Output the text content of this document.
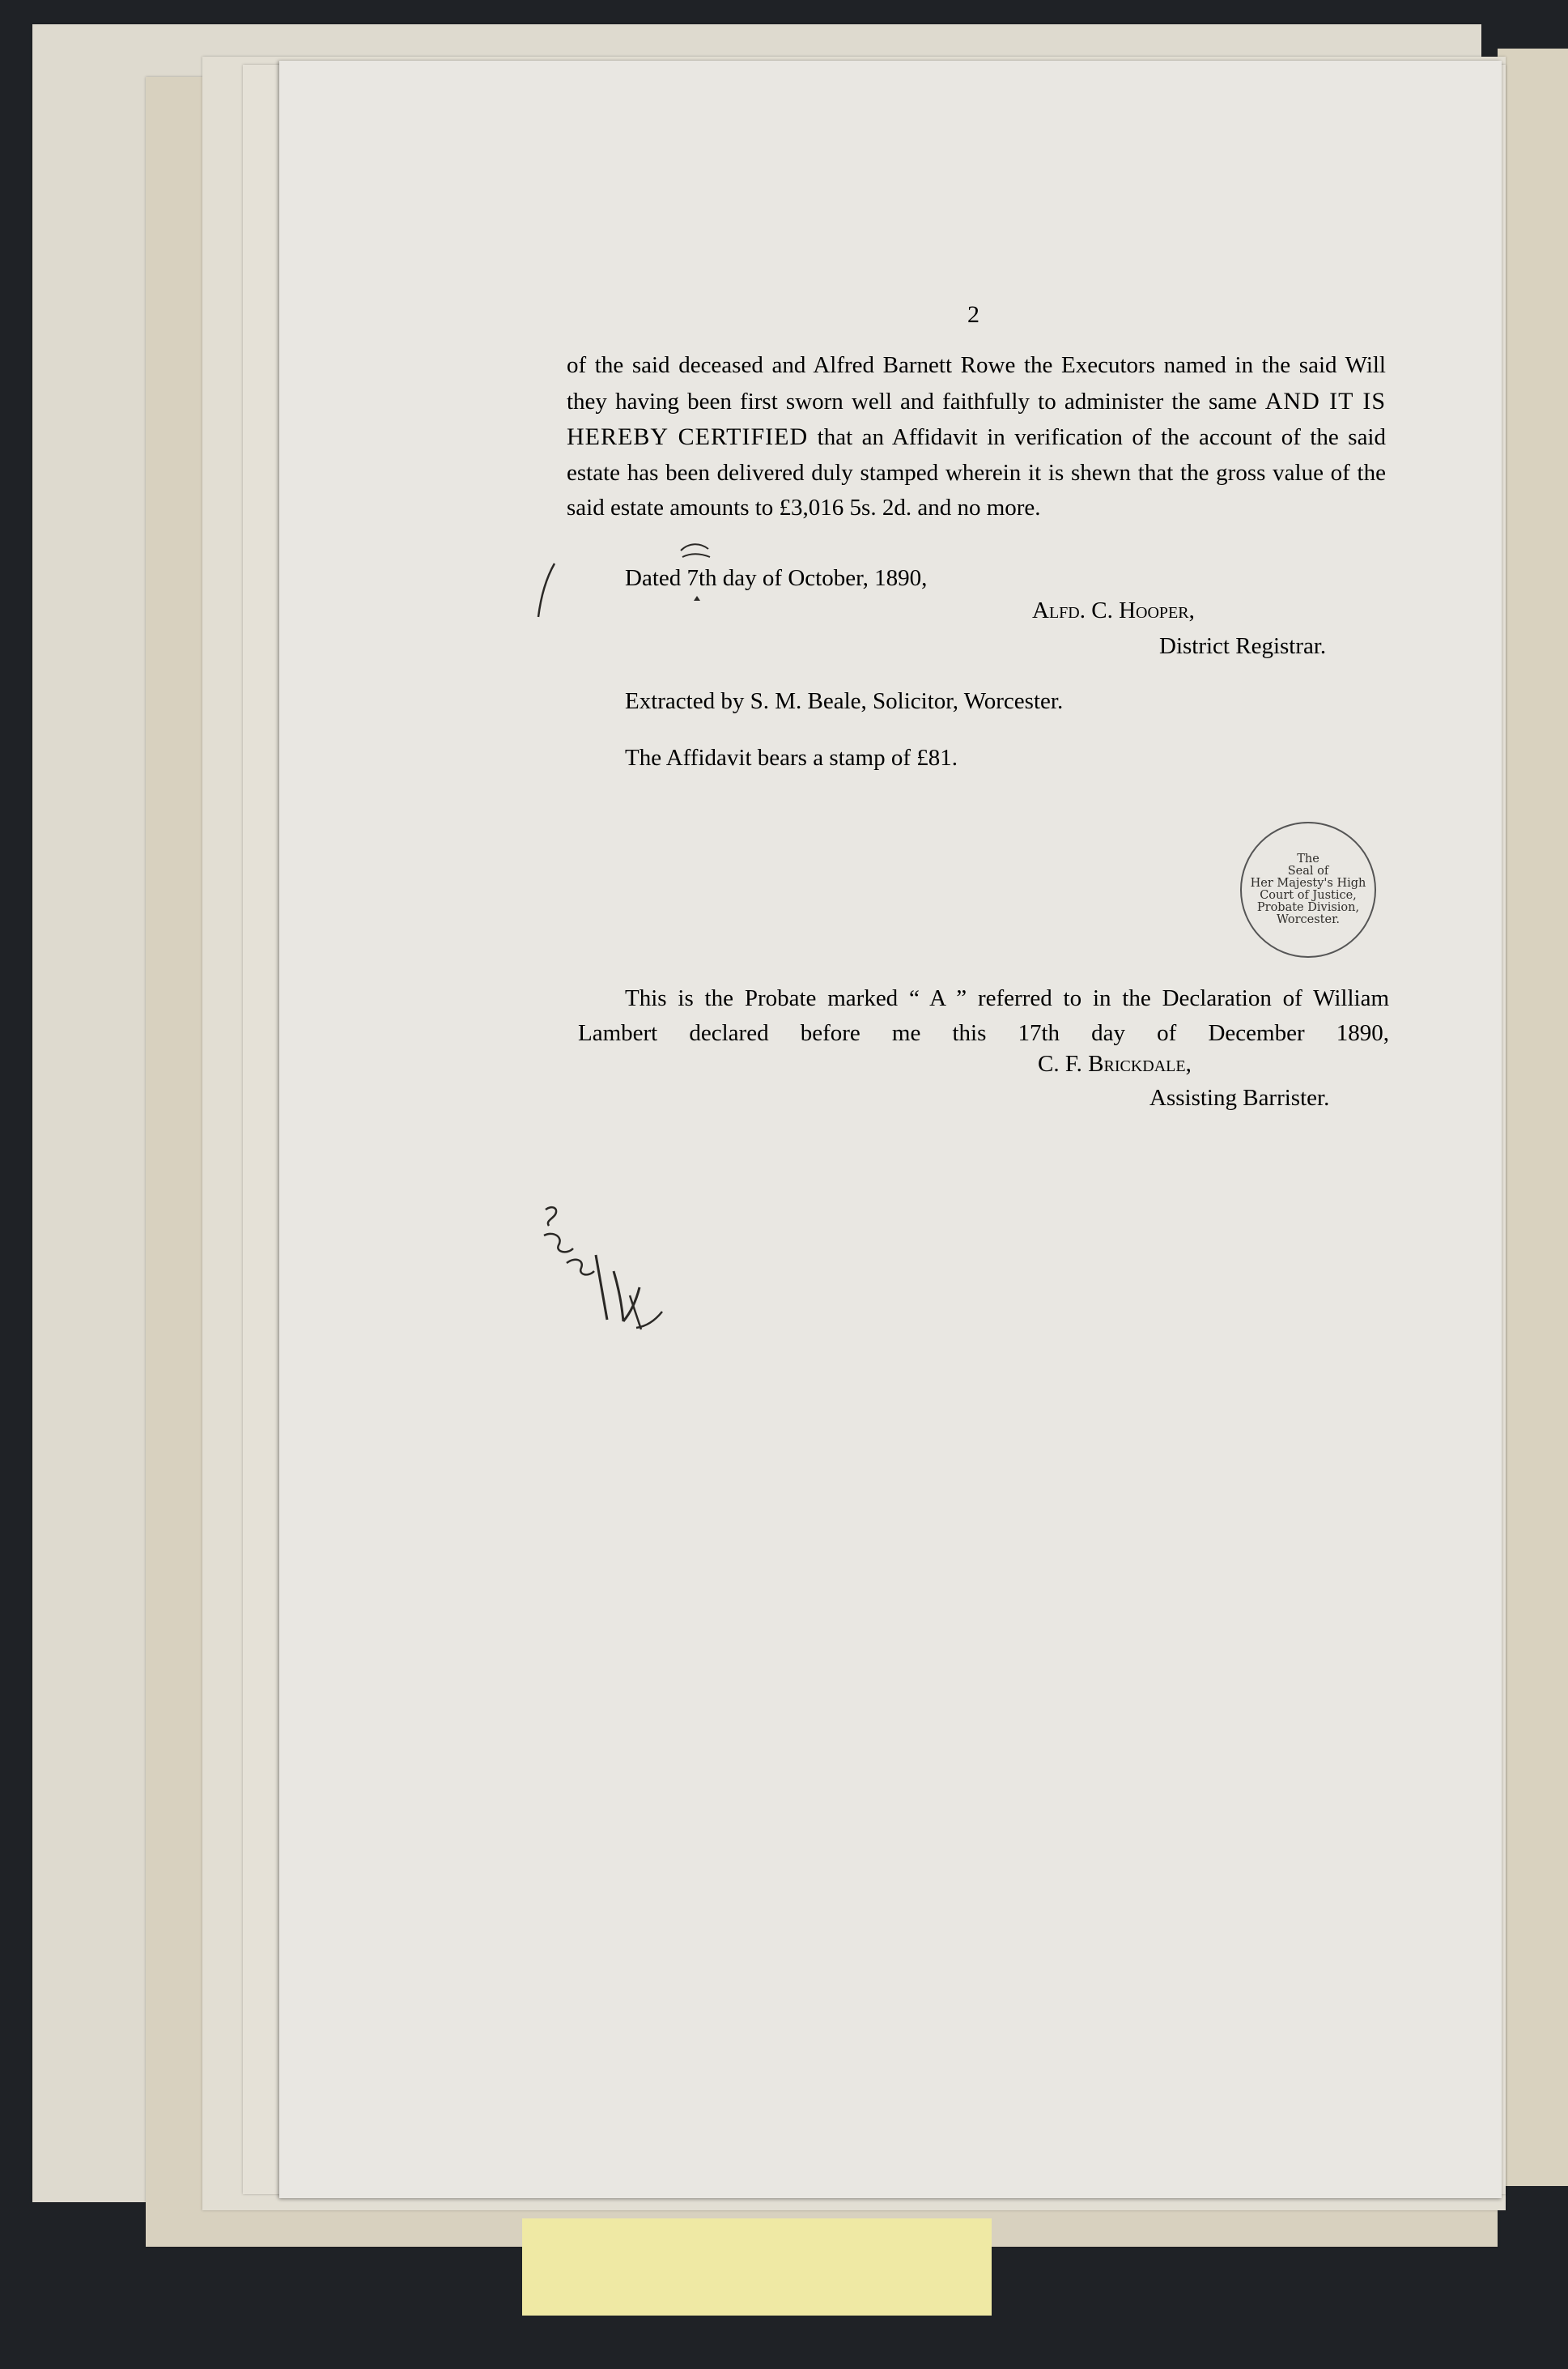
2

of the said deceased and Alfred Barnett Rowe the Executors named in the said Will they having been first sworn well and faithfully to administer the same AND IT IS HEREBY CERTIFIED that an Affidavit in verification of the account of the said estate has been delivered duly stamped wherein it is shewn that the gross value of the said estate amounts to £3,016 5s. 2d. and no more.

Dated 7th day of October, 1890,

Alfd. C. Hooper,

District Registrar.

Extracted by S. M. Beale, Solicitor, Worcester.

The Affidavit bears a stamp of £81.

The
Seal of
Her Majesty's High
Court of Justice,
Probate Division,
Worcester.

This is the Probate marked “ A ” referred to in the Declaration of William Lambert declared before me this 17th day of December 1890,

C. F. Brickdale,

Assisting Barrister.
